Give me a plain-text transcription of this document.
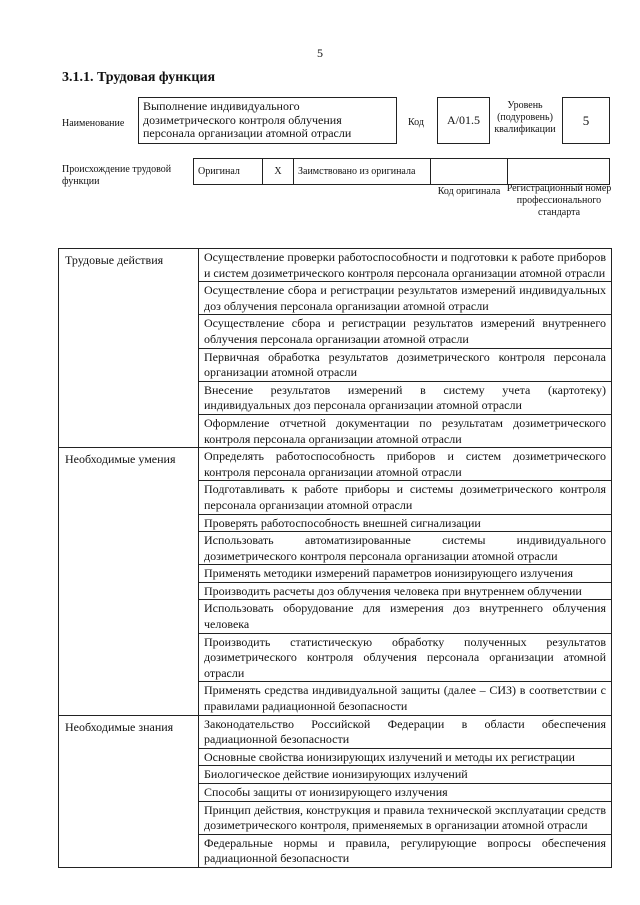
5
3.1.1. Трудовая функция
Наименование
Выполнение индивидуального дозиметрического контроля облучения персонала организации атомной отрасли
Код	А/01.5
Уровень (подуровень) квалификации
5
Происхождение трудовой функции
Оригинал	X	Заимствовано из оригинала		
Код оригинала Регистрационный номер профессионального стандарта
Трудовые действия	Осуществление проверки работоспособности и подготовки к работе приборов и систем дозиметрического контроля персонала организации атомной отрасли
	Осуществление сбора и регистрации результатов измерений индивидуальных доз облучения персонала организации атомной отрасли
	Осуществление сбора и регистрации результатов измерений внутреннего облучения персонала организации атомной отрасли
	Первичная обработка результатов дозиметрического контроля персонала организации атомной отрасли
	Внесение результатов измерений в систему учета (картотеку) индивидуальных доз персонала организации атомной отрасли
	Оформление отчетной документации по результатам дозиметрического контроля персонала организации атомной отрасли
Необходимые умения	Определять работоспособность приборов и систем дозиметрического контроля персонала организации атомной отрасли
	Подготавливать к работе приборы и системы дозиметрического контроля персонала организации атомной отрасли
	Проверять работоспособность внешней сигнализации
	Использовать автоматизированные системы индивидуального дозиметрического контроля персонала организации атомной отрасли
	Применять методики измерений параметров ионизирующего излучения
	Производить расчеты доз облучения человека при внутреннем облучении
	Использовать оборудование для измерения доз внутреннего облучения человека
	Производить статистическую обработку полученных результатов дозиметрического контроля облучения персонала организации атомной отрасли
	Применять средства индивидуальной защиты (далее – СИЗ) в соответствии с правилами радиационной безопасности
Необходимые знания	Законодательство Российской Федерации в области обеспечения радиационной безопасности
	Основные свойства ионизирующих излучений и методы их регистрации
	Биологическое действие ионизирующих излучений
	Способы защиты от ионизирующего излучения
	Принцип действия, конструкция и правила технической эксплуатации средств дозиметрического контроля, применяемых в организации атомной отрасли
	Федеральные нормы и правила, регулирующие вопросы обеспечения радиационной безопасности
